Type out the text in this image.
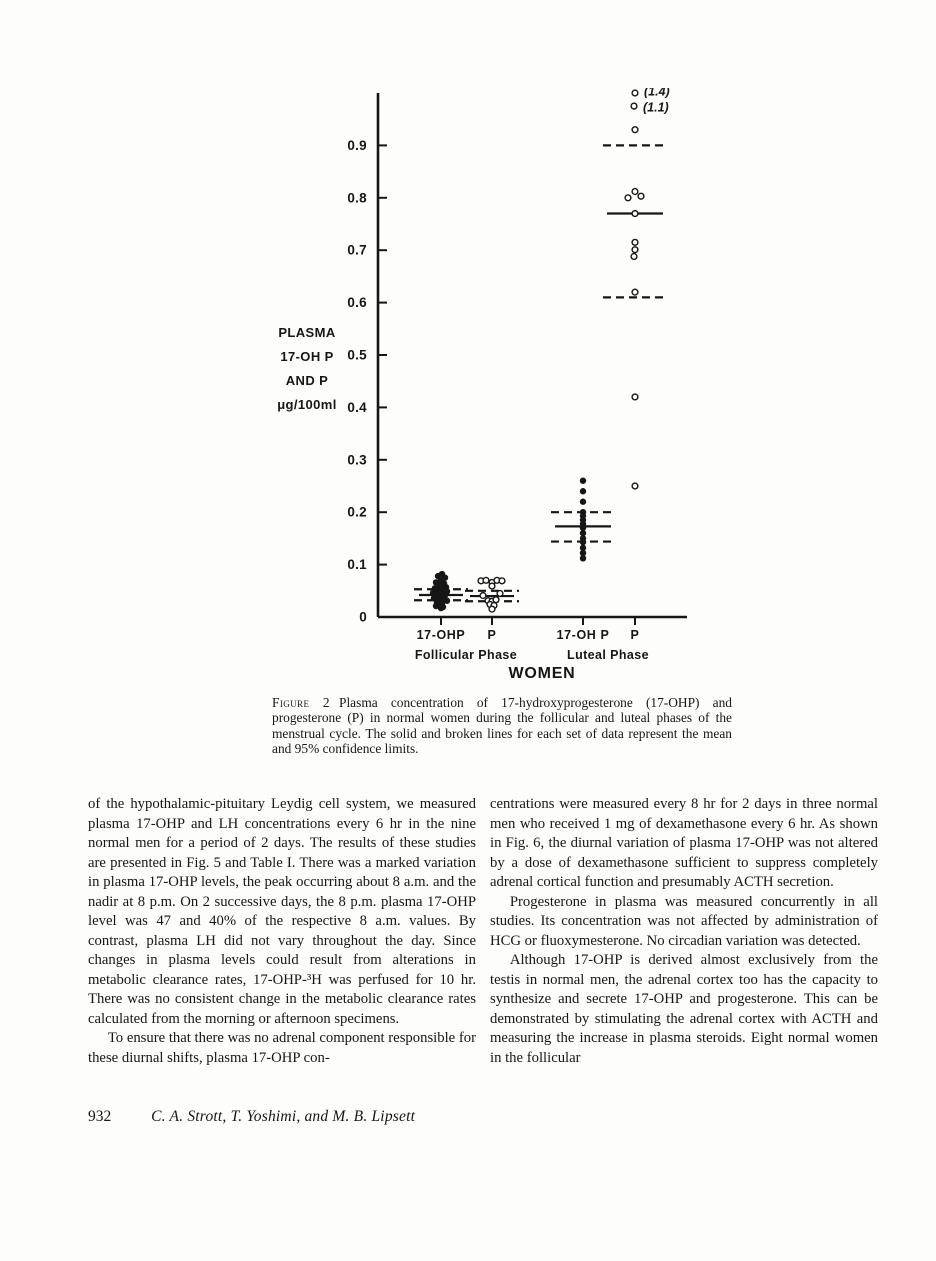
0
0.1
0.2
0.3
0.4
0.5
0.6
0.7
0.8
0.9
PLASMA
17-OH P
AND P
μg/100ml
17-OHP P	17-OH P
(1.4)
(1.1)
P
Follicular Phase	Luteal Phase
WOMEN

Figure 2 Plasma concentration of 17-hydroxyprogesterone (17-OHP) and progesterone (P) in normal women during the follicular and luteal phases of the menstrual cycle. The solid and broken lines for each set of data represent the mean and 95% confidence limits.

of the hypothalamic-pituitary Leydig cell system, we measured plasma 17-OHP and LH concentrations every 6 hr in the nine normal men for a period of 2 days. The results of these studies are presented in Fig. 5 and Table I. There was a marked variation in plasma 17-OHP levels, the peak occurring about 8 a.m. and the nadir at 8 p.m. On 2 successive days, the 8 p.m. plasma 17-OHP level was 47 and 40% of the respective 8 a.m. values. By contrast, plasma LH did not vary throughout the day. Since changes in plasma levels could result from alterations in metabolic clearance rates, 17-OHP-³H was perfused for 10 hr. There was no consistent change in the metabolic clearance rates calculated from the morning or afternoon specimens.

To ensure that there was no adrenal component responsible for these diurnal shifts, plasma 17-OHP con-

centrations were measured every 8 hr for 2 days in three normal men who received 1 mg of dexamethasone every 6 hr. As shown in Fig. 6, the diurnal variation of plasma 17-OHP was not altered by a dose of dexamethasone sufficient to suppress completely adrenal cortical function and presumably ACTH secretion.

Progesterone in plasma was measured concurrently in all studies. Its concentration was not affected by administration of HCG or fluoxymesterone. No circadian variation was detected.

Although 17-OHP is derived almost exclusively from the testis in normal men, the adrenal cortex too has the capacity to synthesize and secrete 17-OHP and progesterone. This can be demonstrated by stimulating the adrenal cortex with ACTH and measuring the increase in plasma steroids. Eight normal women in the follicular

932	C. A. Strott, T. Yoshimi, and M. B. Lipsett
